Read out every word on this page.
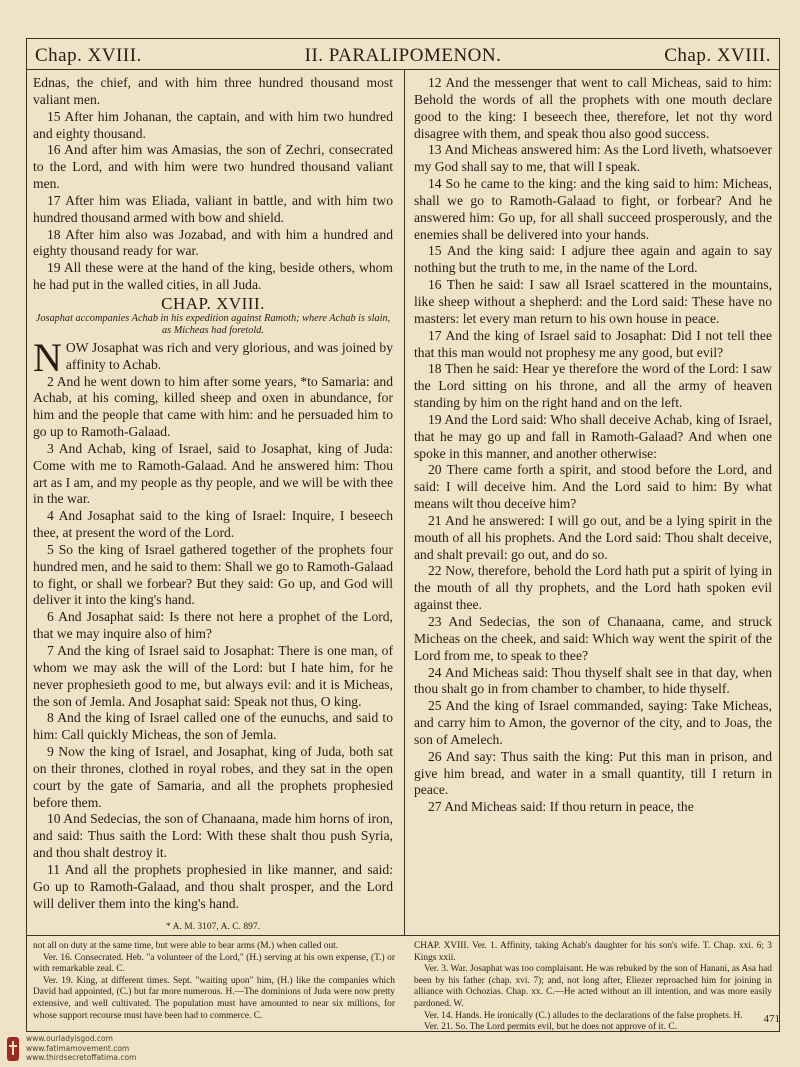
Chap. XVIII.	II. PARALIPOMENON.	Chap. XVIII.

Ednas, the chief, and with him three hundred thousand most valiant men.

15 After him Johanan, the captain, and with him two hundred and eighty thousand.

16 And after him was Amasias, the son of Zechri, consecrated to the Lord, and with him were two hundred thousand valiant men.

17 After him was Eliada, valiant in battle, and with him two hundred thousand armed with bow and shield.

18 After him also was Jozabad, and with him a hundred and eighty thousand ready for war.

19 All these were at the hand of the king, beside others, whom he had put in the walled cities, in all Juda.

CHAP. XVIII.
Josaphat accompanies Achab in his expedition against Ramoth; where Achab is slain, as Micheas had foretold.

N OW Josaphat was rich and very glorious, and was joined by affinity to Achab.

2 And he went down to him after some years, *to Samaria: and Achab, at his coming, killed sheep and oxen in abundance, for him and the people that came with him: and he persuaded him to go up to Ramoth-Galaad.

3 And Achab, king of Israel, said to Josaphat, king of Juda: Come with me to Ramoth-Galaad. And he answered him: Thou art as I am, and my people as thy people, and we will be with thee in the war.

4 And Josaphat said to the king of Israel: Inquire, I beseech thee, at present the word of the Lord.

5 So the king of Israel gathered together of the prophets four hundred men, and he said to them: Shall we go to Ramoth-Galaad to fight, or shall we forbear? But they said: Go up, and God will deliver it into the king's hand.

6 And Josaphat said: Is there not here a prophet of the Lord, that we may inquire also of him?

7 And the king of Israel said to Josaphat: There is one man, of whom we may ask the will of the Lord: but I hate him, for he never prophesieth good to me, but always evil: and it is Micheas, the son of Jemla. And Josaphat said: Speak not thus, O king.

8 And the king of Israel called one of the eunuchs, and said to him: Call quickly Micheas, the son of Jemla.

9 Now the king of Israel, and Josaphat, king of Juda, both sat on their thrones, clothed in royal robes, and they sat in the open court by the gate of Samaria, and all the prophets prophesied before them.

10 And Sedecias, the son of Chanaana, made him horns of iron, and said: Thus saith the Lord: With these shalt thou push Syria, and thou shalt destroy it.

11 And all the prophets prophesied in like manner, and said: Go up to Ramoth-Galaad, and thou shalt prosper, and the Lord will deliver them into the king's hand.

* A. M. 3107, A. C. 897.

12 And the messenger that went to call Micheas, said to him: Behold the words of all the prophets with one mouth declare good to the king: I beseech thee, therefore, let not thy word disagree with them, and speak thou also good success.

13 And Micheas answered him: As the Lord liveth, whatsoever my God shall say to me, that will I speak.

14 So he came to the king: and the king said to him: Micheas, shall we go to Ramoth-Galaad to fight, or forbear? And he answered him: Go up, for all shall succeed prosperously, and the enemies shall be delivered into your hands.

15 And the king said: I adjure thee again and again to say nothing but the truth to me, in the name of the Lord.

16 Then he said: I saw all Israel scattered in the mountains, like sheep without a shepherd: and the Lord said: These have no masters: let every man return to his own house in peace.

17 And the king of Israel said to Josaphat: Did I not tell thee that this man would not prophesy me any good, but evil?

18 Then he said: Hear ye therefore the word of the Lord: I saw the Lord sitting on his throne, and all the army of heaven standing by him on the right hand and on the left.

19 And the Lord said: Who shall deceive Achab, king of Israel, that he may go up and fall in Ramoth-Galaad? And when one spoke in this manner, and another otherwise:

20 There came forth a spirit, and stood before the Lord, and said: I will deceive him. And the Lord said to him: By what means wilt thou deceive him?

21 And he answered: I will go out, and be a lying spirit in the mouth of all his prophets. And the Lord said: Thou shalt deceive, and shalt prevail: go out, and do so.

22 Now, therefore, behold the Lord hath put a spirit of lying in the mouth of all thy prophets, and the Lord hath spoken evil against thee.

23 And Sedecias, the son of Chanaana, came, and struck Micheas on the cheek, and said: Which way went the spirit of the Lord from me, to speak to thee?

24 And Micheas said: Thou thyself shalt see in that day, when thou shalt go in from chamber to chamber, to hide thyself.

25 And the king of Israel commanded, saying: Take Micheas, and carry him to Amon, the governor of the city, and to Joas, the son of Amelech.

26 And say: Thus saith the king: Put this man in prison, and give him bread, and water in a small quantity, till I return in peace.

27 And Micheas said: If thou return in peace, the

not all on duty at the same time, but were able to bear arms (M.) when called out.

Ver. 16. Consecrated. Heb. "a volunteer of the Lord," (H.) serving at his own expense, (T.) or with remarkable zeal. C.

Ver. 19. King, at different times. Sept. "waiting upon" him, (H.) like the companies which David had appointed, (C.) but far more numerous. H.—The dominions of Juda were now pretty extensive, and well cultivated. The population must have amounted to near six millions, for whose support recourse must have been had to commerce. C.

CHAP. XVIII. Ver. 1. Affinity, taking Achab's daughter for his son's wife. T. Chap. xxi. 6; 3 Kings xxii.

Ver. 3. War. Josaphat was too complaisant. He was rebuked by the son of Hanani, as Asa had been by his father (chap. xvi. 7); and, not long after, Eliezer reproached him for joining in alliance with Ochozias. Chap. xx. C.—He acted without an ill intention, and was more easily pardoned. W.

Ver. 14. Hands. He ironically (C.) alludes to the declarations of the false prophets. H.

Ver. 21. So. The Lord permits evil, but he does not approve of it. C.

471
www.ourladyisgod.com
www.fatimamovement.com
www.thirdsecretoffatima.com
